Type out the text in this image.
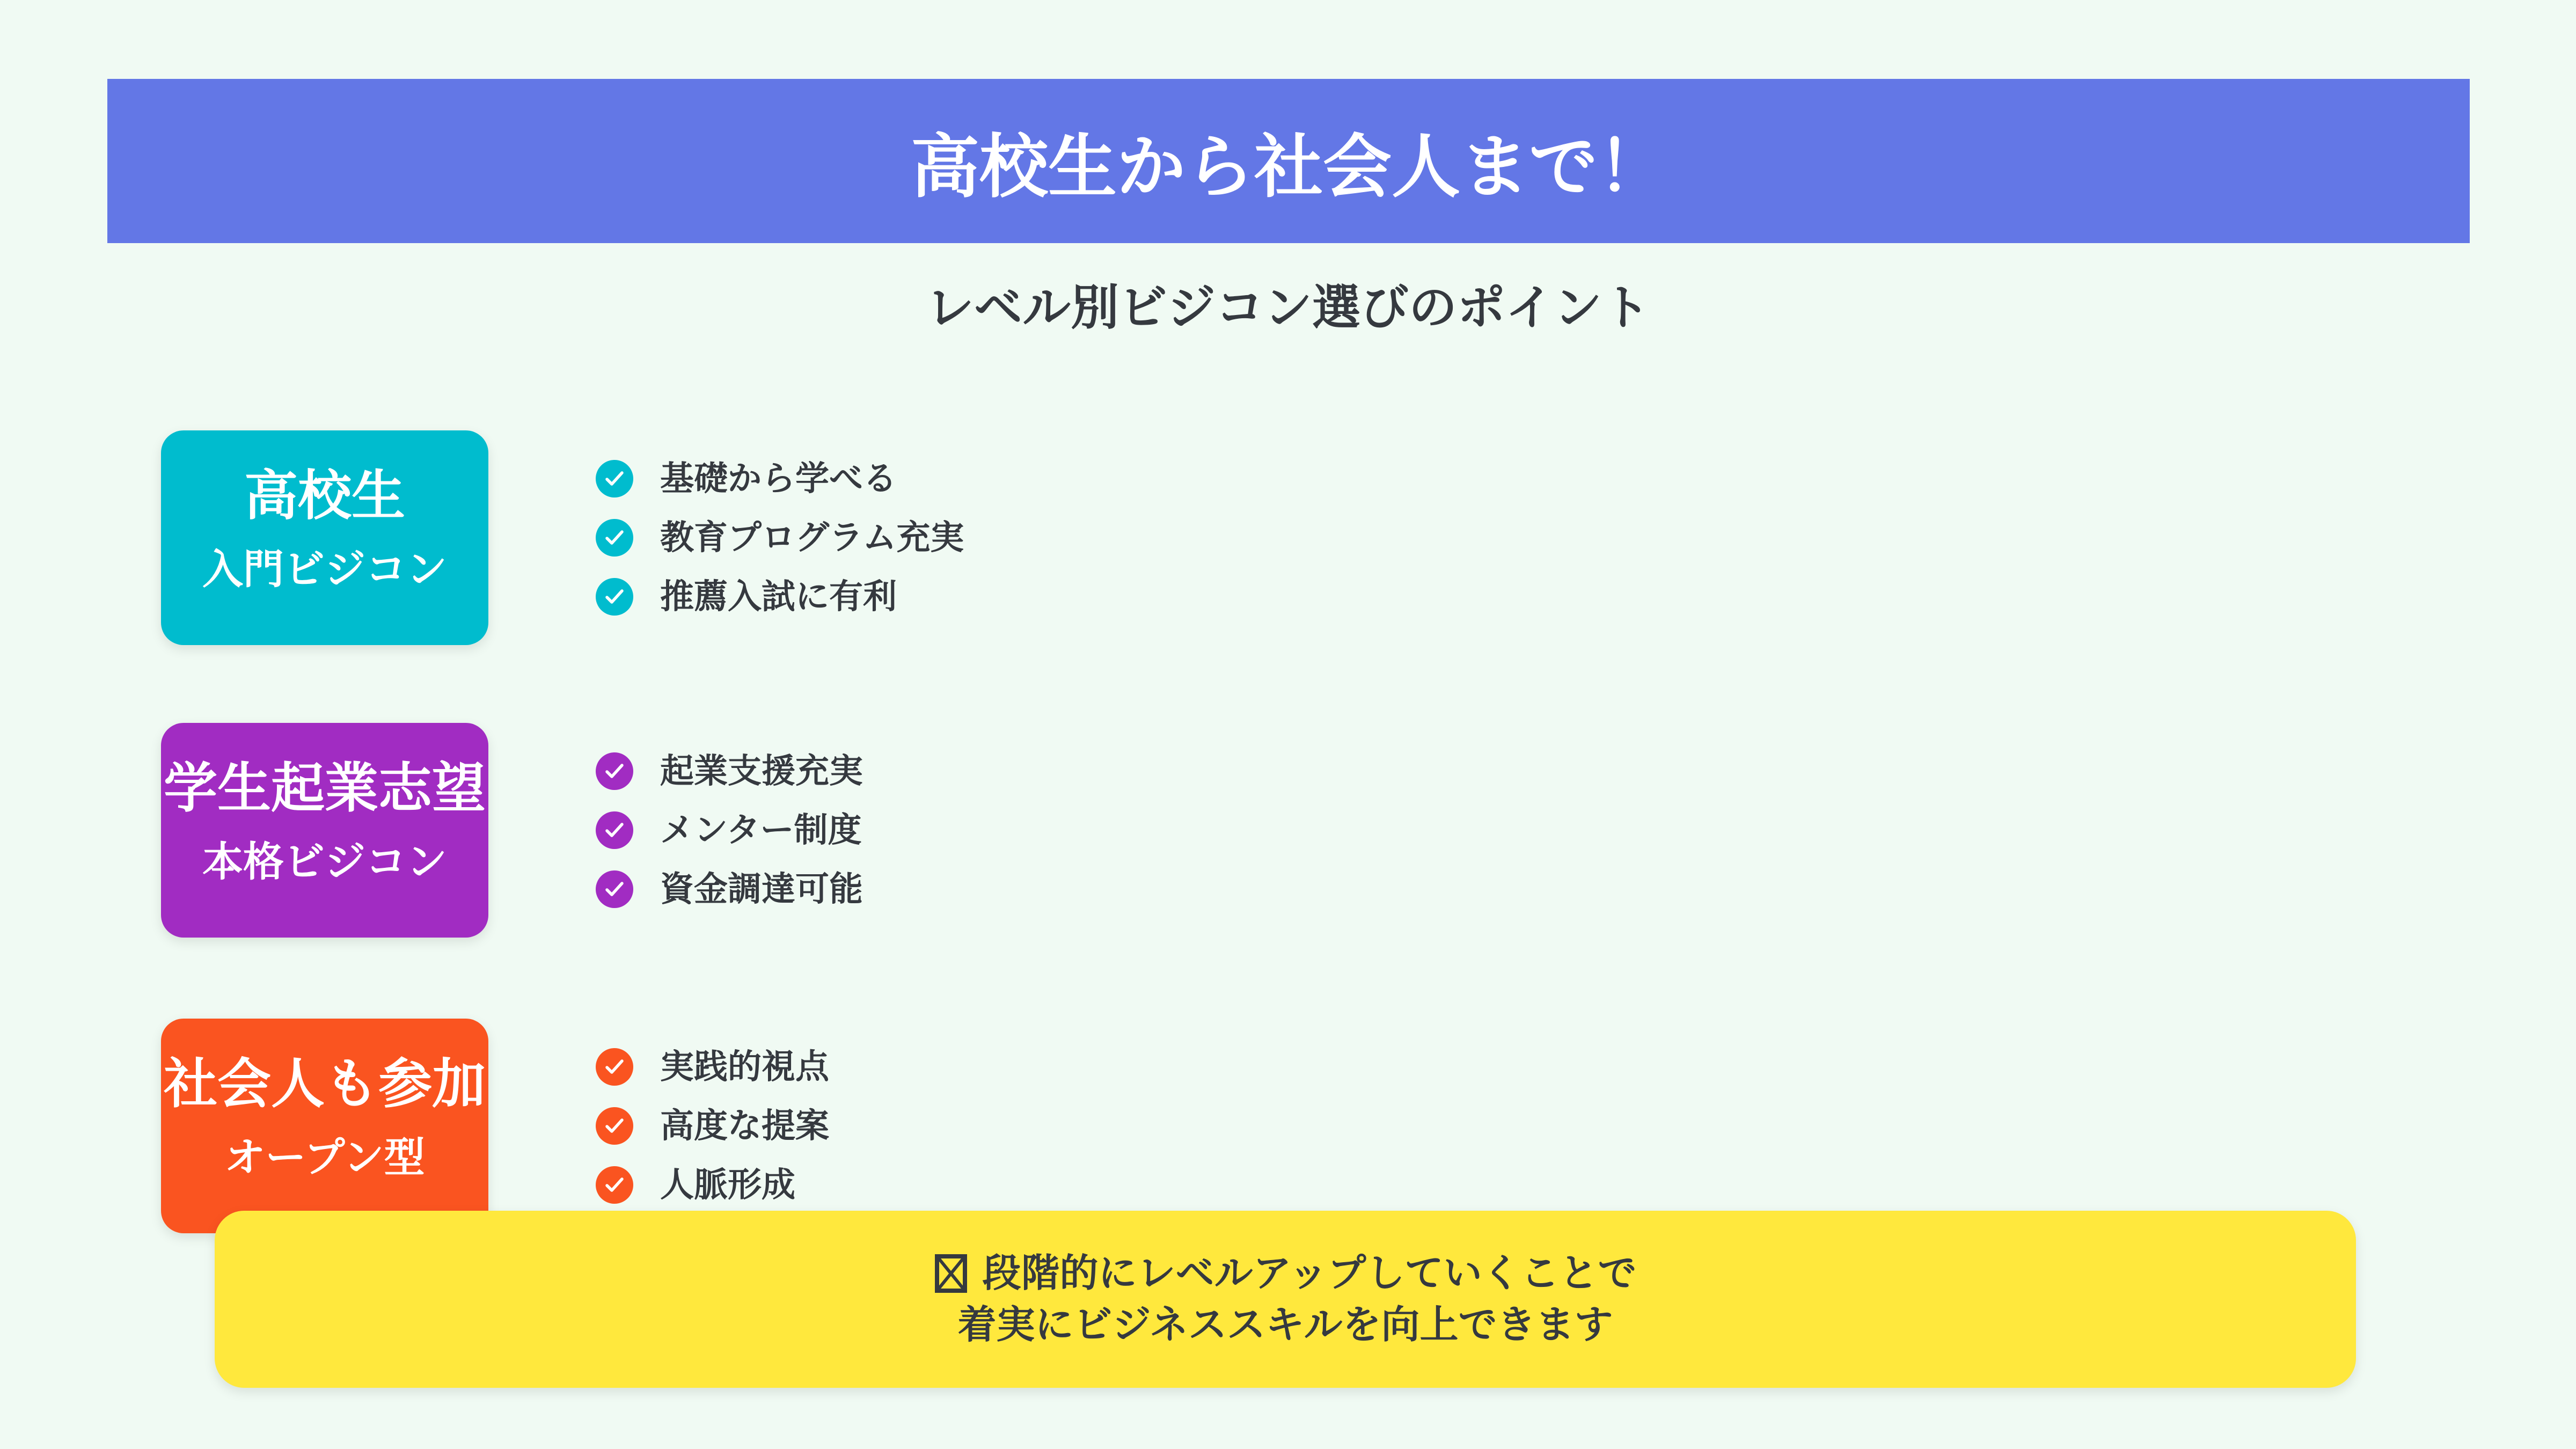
高校生から社会人まで！
レベル別ビジコン選びのポイント
高校生
入門ビジコン
基礎から学べる
教育プログラム充実
推薦入試に有利
学生起業志望
本格ビジコン
起業支援充実
メンター制度
資金調達可能
社会人も参加
オープン型
実践的視点
高度な提案
人脈形成
段階的にレベルアップしていくことで
着実にビジネススキルを向上できます
